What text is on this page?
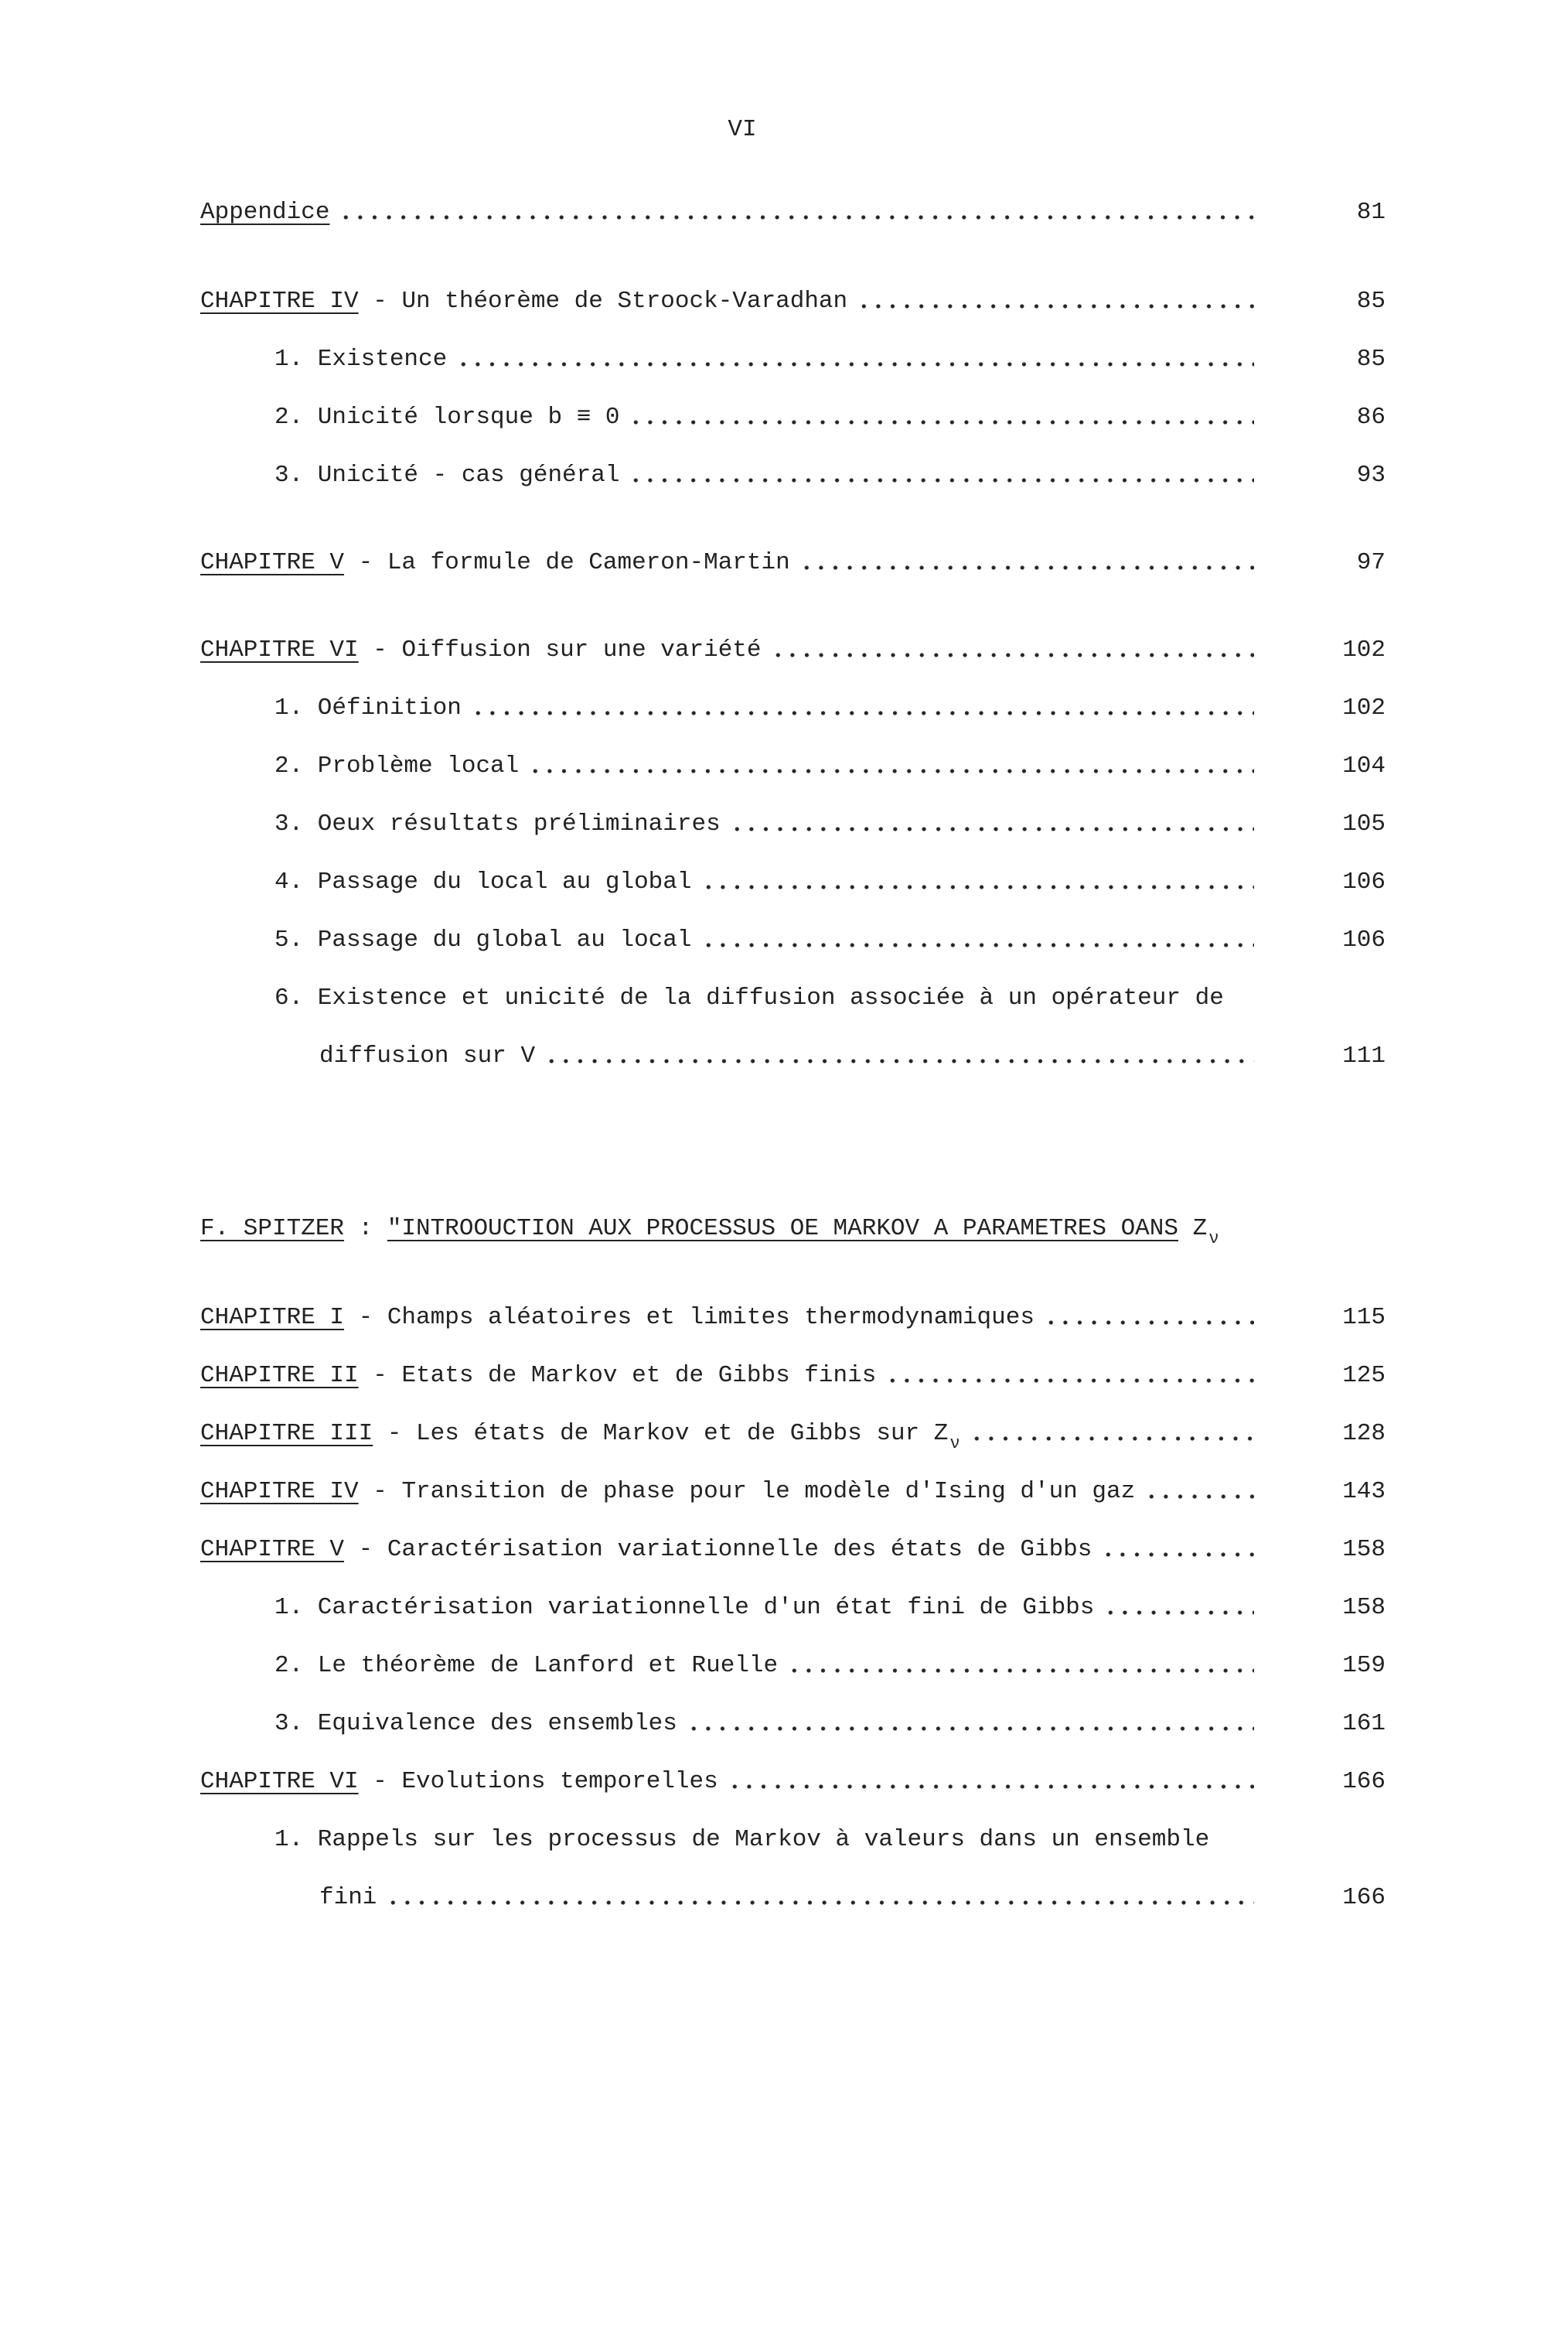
VI
Appendice	81
CHAPITRE IV - Un théorème de Stroock-Varadhan	85
1. Existence	85
2. Unicité lorsque b ≡ 0	86
3. Unicité - cas général	93
CHAPITRE V - La formule de Cameron-Martin	97
CHAPITRE VI - Oiffusion sur une variété	102
1. Oéfinition	102
2. Problème local	104
3. Oeux résultats préliminaires	105
4. Passage du local au global	106
5. Passage du global au local	106
6. Existence et unicité de la diffusion associée à un opérateur de
diffusion sur V	111
F. SPITZER : "INTROOUCTION AUX PROCESSUS OE MARKOV A PARAMETRES OANS Z ν
CHAPITRE I - Champs aléatoires et limites thermodynamiques	115
CHAPITRE II - Etats de Markov et de Gibbs finis	125
CHAPITRE III - Les états de Markov et de Gibbs sur Z ν	128
CHAPITRE IV - Transition de phase pour le modèle d'Ising d'un gaz	143
CHAPITRE V - Caractérisation variationnelle des états de Gibbs	158
1. Caractérisation variationnelle d'un état fini de Gibbs	158
2. Le théorème de Lanford et Ruelle	159
3. Equivalence des ensembles	161
CHAPITRE VI - Evolutions temporelles	166
1. Rappels sur les processus de Markov à valeurs dans un ensemble
fini	166
